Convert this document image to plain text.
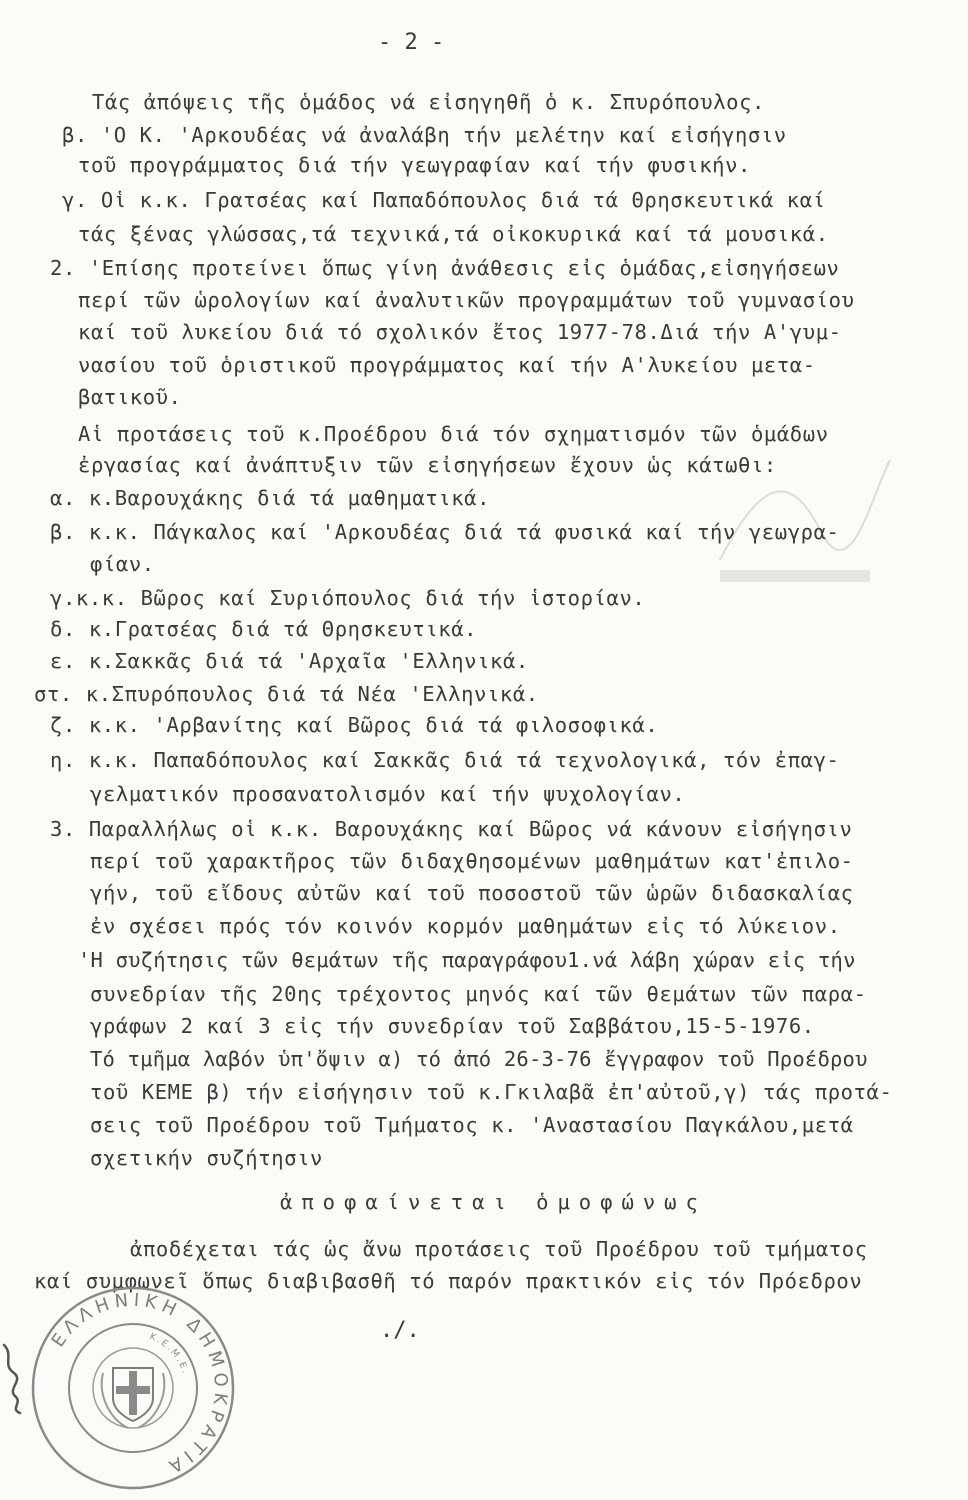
- 2 -
Τάς ἀπόψεις τῆς ὁμάδος νά εἰσηγηθῆ ὁ κ. Σπυρόπουλος.
β. 'Ο Κ. 'Αρκουδέας νά ἀναλάβη τήν μελέτην καί εἰσήγησιν
τοῦ προγράμματος διά τήν γεωγραφίαν καί τήν φυσικήν.
γ. Οἱ κ.κ. Γρατσέας καί Παπαδόπουλος διά τά Θρησκευτικά καί
τάς ξένας γλώσσας,τά τεχνικά,τά οἰκοκυρικά καί τά μουσικά.
2. 'Επίσης προτείνει ὅπως γίνη ἀνάθεσις εἰς ὁμάδας,εἰσηγήσεων
περί τῶν ὡρολογίων καί ἀναλυτικῶν προγραμμάτων τοῦ γυμνασίου
καί τοῦ λυκείου διά τό σχολικόν ἔτος 1977-78.Διά τήν Α'γυμ-
νασίου τοῦ ὁριστικοῦ προγράμματος καί τήν Α'λυκείου μετα-
βατικοῦ.
Αἱ προτάσεις τοῦ κ.Προέδρου διά τόν σχηματισμόν τῶν ὁμάδων
ἐργασίας καί ἀνάπτυξιν τῶν εἰσηγήσεων ἔχουν ὡς κάτωθι:
α. κ.Βαρουχάκης διά τά μαθηματικά.
β. κ.κ. Πάγκαλος καί 'Αρκουδέας διά τά φυσικά καί τήν γεωγρα-
φίαν.
γ.κ.κ. Βῶρος καί Συριόπουλος διά τήν ἱστορίαν.
δ. κ.Γρατσέας διά τά Θρησκευτικά.
ε. κ.Σακκᾶς διά τά 'Αρχαῖα 'Ελληνικά.
στ. κ.Σπυρόπουλος διά τά Νέα 'Ελληνικά.
ζ. κ.κ. 'Αρβανίτης καί Βῶρος διά τά φιλοσοφικά.
η. κ.κ. Παπαδόπουλος καί Σακκᾶς διά τά τεχνολογικά, τόν ἐπαγ-
γελματικόν προσανατολισμόν καί τήν ψυχολογίαν.
3. Παραλλήλως οἱ κ.κ. Βαρουχάκης καί Βῶρος νά κάνουν εἰσήγησιν
περί τοῦ χαρακτῆρος τῶν διδαχθησομένων μαθημάτων κατ'ἐπιλο-
γήν, τοῦ εἴδους αὐτῶν καί τοῦ ποσοστοῦ τῶν ὡρῶν διδασκαλίας
ἐν σχέσει πρός τόν κοινόν κορμόν μαθημάτων εἰς τό λύκειον.
'Η συζήτησις τῶν θεμάτων τῆς παραγράφου1.νά λάβη χώραν εἰς τήν
συνεδρίαν τῆς 20ης τρέχοντος μηνός καί τῶν θεμάτων τῶν παρα-
γράφων 2 καί 3 εἰς τήν συνεδρίαν τοῦ Σαββάτου,15-5-1976.
Τό τμῆμα λαβόν ὑπ'ὄψιν α) τό ἀπό 26-3-76 ἔγγραφον τοῦ Προέδρου
τοῦ ΚΕΜΕ β) τήν εἰσήγησιν τοῦ κ.Γκιλαβᾶ ἐπ'αὐτοῦ,γ) τάς προτά-
σεις τοῦ Προέδρου τοῦ Τμήματος κ. 'Αναστασίου Παγκάλου,μετά
σχετικήν συζήτησιν
ἀποφαίνεται ὁμοφώνως
ἀποδέχεται τάς ὡς ἄνω προτάσεις τοῦ Προέδρου τοῦ τμήματος
καί συμφωνεῖ ὅπως διαβιβασθῆ τό παρόν πρακτικόν εἰς τόν Πρόεδρον
./.
ΕΛΛΗΝΙΚΗ ΔΗΜΟΚΡΑΤΙΑ
Κ.Ε.Μ.Ε.
